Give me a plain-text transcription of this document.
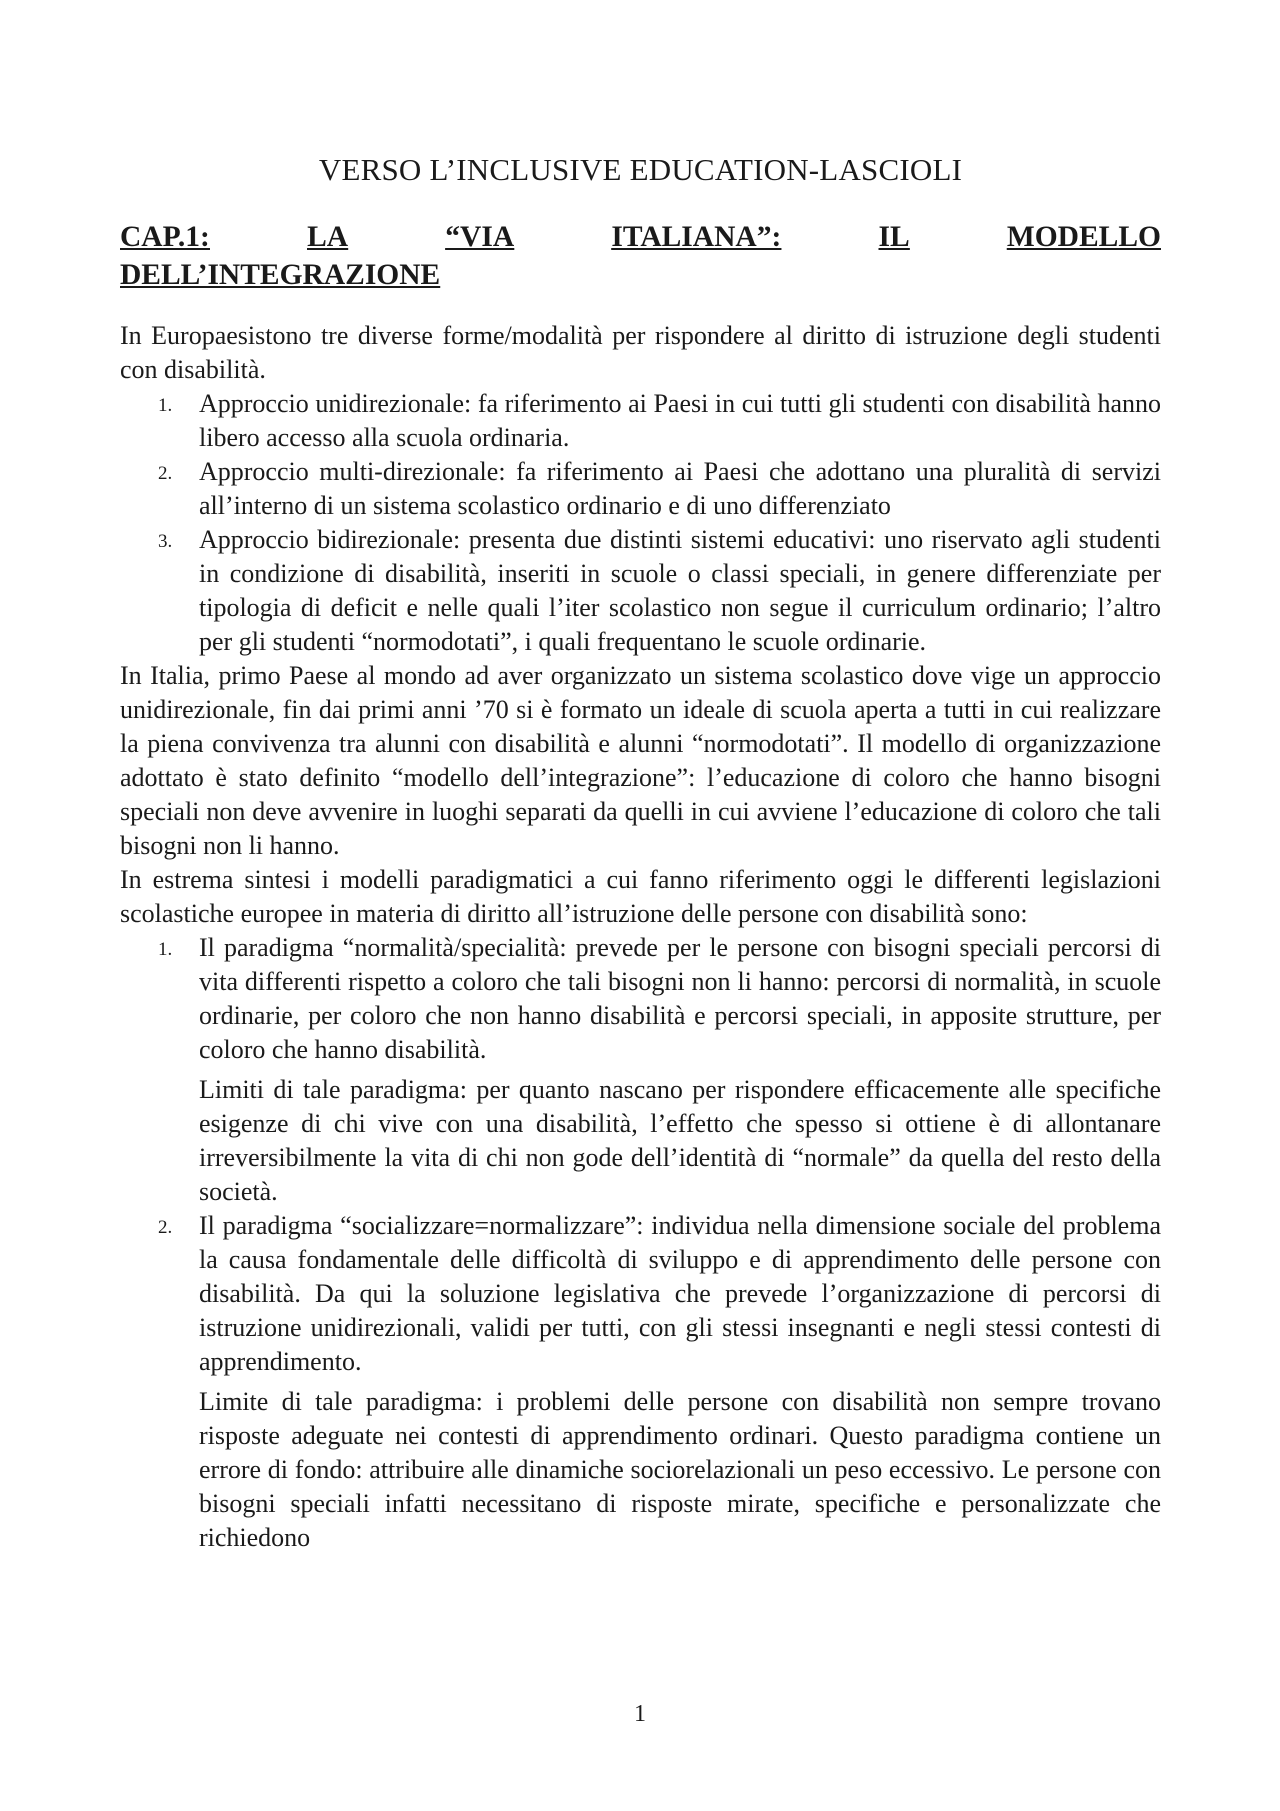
VERSO L’INCLUSIVE EDUCATION-LASCIOLI
CAP.1:	LA	“VIA	ITALIANA”:	IL	MODELLO
DELL’INTEGRAZIONE

In Europaesistono tre diverse forme/modalità per rispondere al diritto di istruzione degli studenti con disabilità.

1. Approccio unidirezionale: fa riferimento ai Paesi in cui tutti gli studenti con disabilità hanno libero accesso alla scuola ordinaria.
2. Approccio multi-direzionale: fa riferimento ai Paesi che adottano una pluralità di servizi all’interno di un sistema scolastico ordinario e di uno differenziato
3. Approccio bidirezionale: presenta due distinti sistemi educativi: uno riservato agli studenti in condizione di disabilità, inseriti in scuole o classi speciali, in genere differenziate per tipologia di deficit e nelle quali l’iter scolastico non segue il curriculum ordinario; l’altro per gli studenti “normodotati”, i quali frequentano le scuole ordinarie.

In Italia, primo Paese al mondo ad aver organizzato un sistema scolastico dove vige un approccio unidirezionale, fin dai primi anni ’70 si è formato un ideale di scuola aperta a tutti in cui realizzare la piena convivenza tra alunni con disabilità e alunni “normodotati”. Il modello di organizzazione adottato è stato definito “modello dell’integrazione”: l’educazione di coloro che hanno bisogni speciali non deve avvenire in luoghi separati da quelli in cui avviene l’educazione di coloro che tali bisogni non li hanno.

In estrema sintesi i modelli paradigmatici a cui fanno riferimento oggi le differenti legislazioni scolastiche europee in materia di diritto all’istruzione delle persone con disabilità sono:

1. Il paradigma “normalità/specialità: prevede per le persone con bisogni speciali percorsi di vita differenti rispetto a coloro che tali bisogni non li hanno: percorsi di normalità, in scuole ordinarie, per coloro che non hanno disabilità e percorsi speciali, in apposite strutture, per coloro che hanno disabilità.
Limiti di tale paradigma: per quanto nascano per rispondere efficacemente alle specifiche esigenze di chi vive con una disabilità, l’effetto che spesso si ottiene è di allontanare irreversibilmente la vita di chi non gode dell’identità di “normale” da quella del resto della società.
2. Il paradigma “socializzare=normalizzare”: individua nella dimensione sociale del problema la causa fondamentale delle difficoltà di sviluppo e di apprendimento delle persone con disabilità. Da qui la soluzione legislativa che prevede l’organizzazione di percorsi di istruzione unidirezionali, validi per tutti, con gli stessi insegnanti e negli stessi contesti di apprendimento.
Limite di tale paradigma: i problemi delle persone con disabilità non sempre trovano risposte adeguate nei contesti di apprendimento ordinari. Questo paradigma contiene un errore di fondo: attribuire alle dinamiche sociorelazionali un peso eccessivo. Le persone con bisogni speciali infatti necessitano di risposte mirate, specifiche e personalizzate che richiedono
1
